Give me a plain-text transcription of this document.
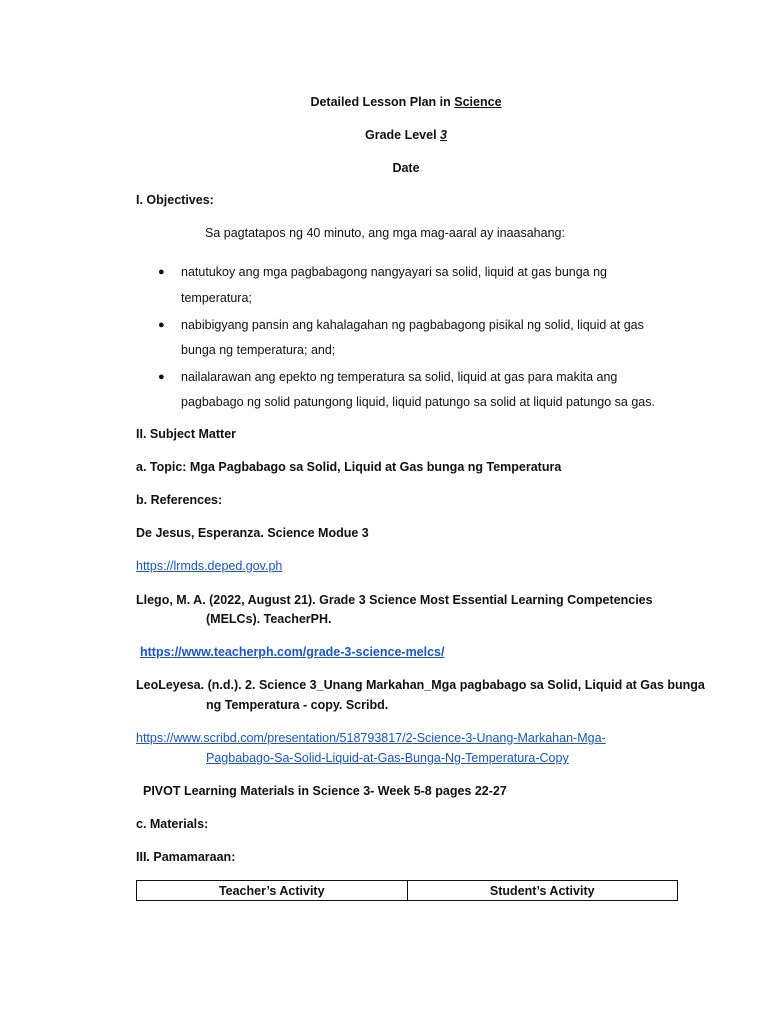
Detailed Lesson Plan in Science
Grade Level 3
Date
I. Objectives:
Sa pagtatapos ng 40 minuto, ang mga mag-aaral ay inaasahang:
● natutukoy ang mga pagbabagong nangyayari sa solid, liquid at gas bunga ng
temperatura;
● nabibigyang pansin ang kahalagahan ng pagbabagong pisikal ng solid, liquid at gas
bunga ng temperatura; and;
● nailalarawan ang epekto ng temperatura sa solid, liquid at gas para makita ang
pagbabago ng solid patungong liquid, liquid patungo sa solid at liquid patungo sa gas.
II. Subject Matter
a. Topic: Mga Pagbabago sa Solid, Liquid at Gas bunga ng Temperatura
b. References:
De Jesus, Esperanza. Science Modue 3
https://lrmds.deped.gov.ph
Llego, M. A. (2022, August 21). Grade 3 Science Most Essential Learning Competencies
(MELCs). TeacherPH.
https://www.teacherph.com/grade-3-science-melcs/
LeoLeyesa. (n.d.). 2. Science 3_Unang Markahan_Mga pagbabago sa Solid, Liquid at Gas bunga
ng Temperatura - copy. Scribd.
https://www.scribd.com/presentation/518793817/2-Science-3-Unang-Markahan-Mga-
Pagbabago-Sa-Solid-Liquid-at-Gas-Bunga-Ng-Temperatura-Copy
PIVOT Learning Materials in Science 3- Week 5-8 pages 22-27
c. Materials:
III. Pamamaraan:
Teacher’s Activity	Student’s Activity
